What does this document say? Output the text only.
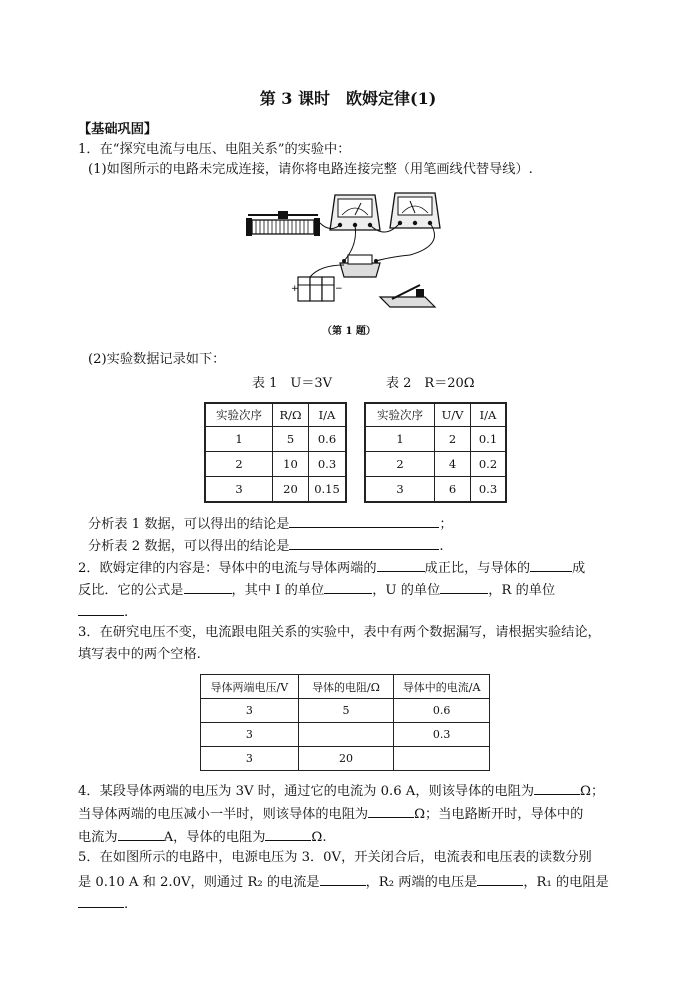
第 3 课时　欧姆定律(1)
【基础巩固】
1．在“探究电流与电压、电阻关系”的实验中：
(1)如图所示的电路未完成连接，请你将电路连接完整（用笔画线代替导线）.
+	−
（第 1 题）
(2)实验数据记录如下：
表 1　U＝3V	表 2　R＝20Ω
实验次序	R/Ω	I/A
1	5	0.6
2	10	0.3
3	20	0.15
实验次序	U/V	I/A
1	2	0.1
2	4	0.2
3	6	0.3
分析表 1 数据，可以得出的结论是	；
分析表 2 数据，可以得出的结论是	.
2．欧姆定律的内容是：导体中的电流与导体两端的	成正比，与导体的	成
反比．它的公式是	，其中 I 的单位	，U 的单位	，R 的单位
.
3．在研究电压不变，电流跟电阻关系的实验中，表中有两个数据漏写，请根据实验结论，
填写表中的两个空格.
导体两端电压/V	导体的电阻/Ω	导体中的电流/A
3	5	0.6
3		0.3
3	20	
4．某段导体两端的电压为 3V 时，通过它的电流为 0.6 A，则该导体的电阻为	Ω；
当导体两端的电压减小一半时，则该导体的电阻为	Ω；当电路断开时，导体中的
电流为	A，导体的电阻为	Ω.
5．在如图所示的电路中，电源电压为 3．0V，开关闭合后，电流表和电压表的读数分别
是 0.10 A 和 2.0V，则通过 R₂ 的电流是	，R₂ 两端的电压是	，R₁ 的电阻是
.
